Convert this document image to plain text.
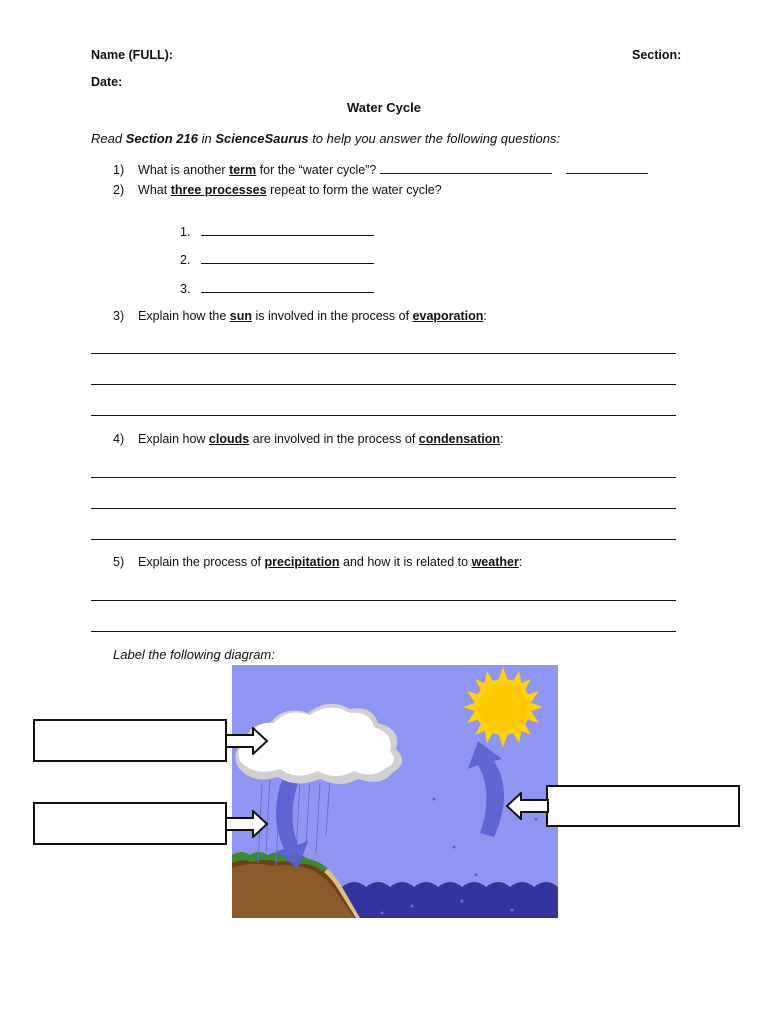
Name (FULL):	Section:
Date:
Water Cycle
Read Section 216 in ScienceSaurus to help you answer the following questions:
1) What is another term for the “water cycle”?
2) What three processes repeat to form the water cycle?
1.
2.
3.
3) Explain how the sun is involved in the process of evaporation:
4) Explain how clouds are involved in the process of condensation:
5) Explain the process of precipitation and how it is related to weather:
Label the following diagram:
